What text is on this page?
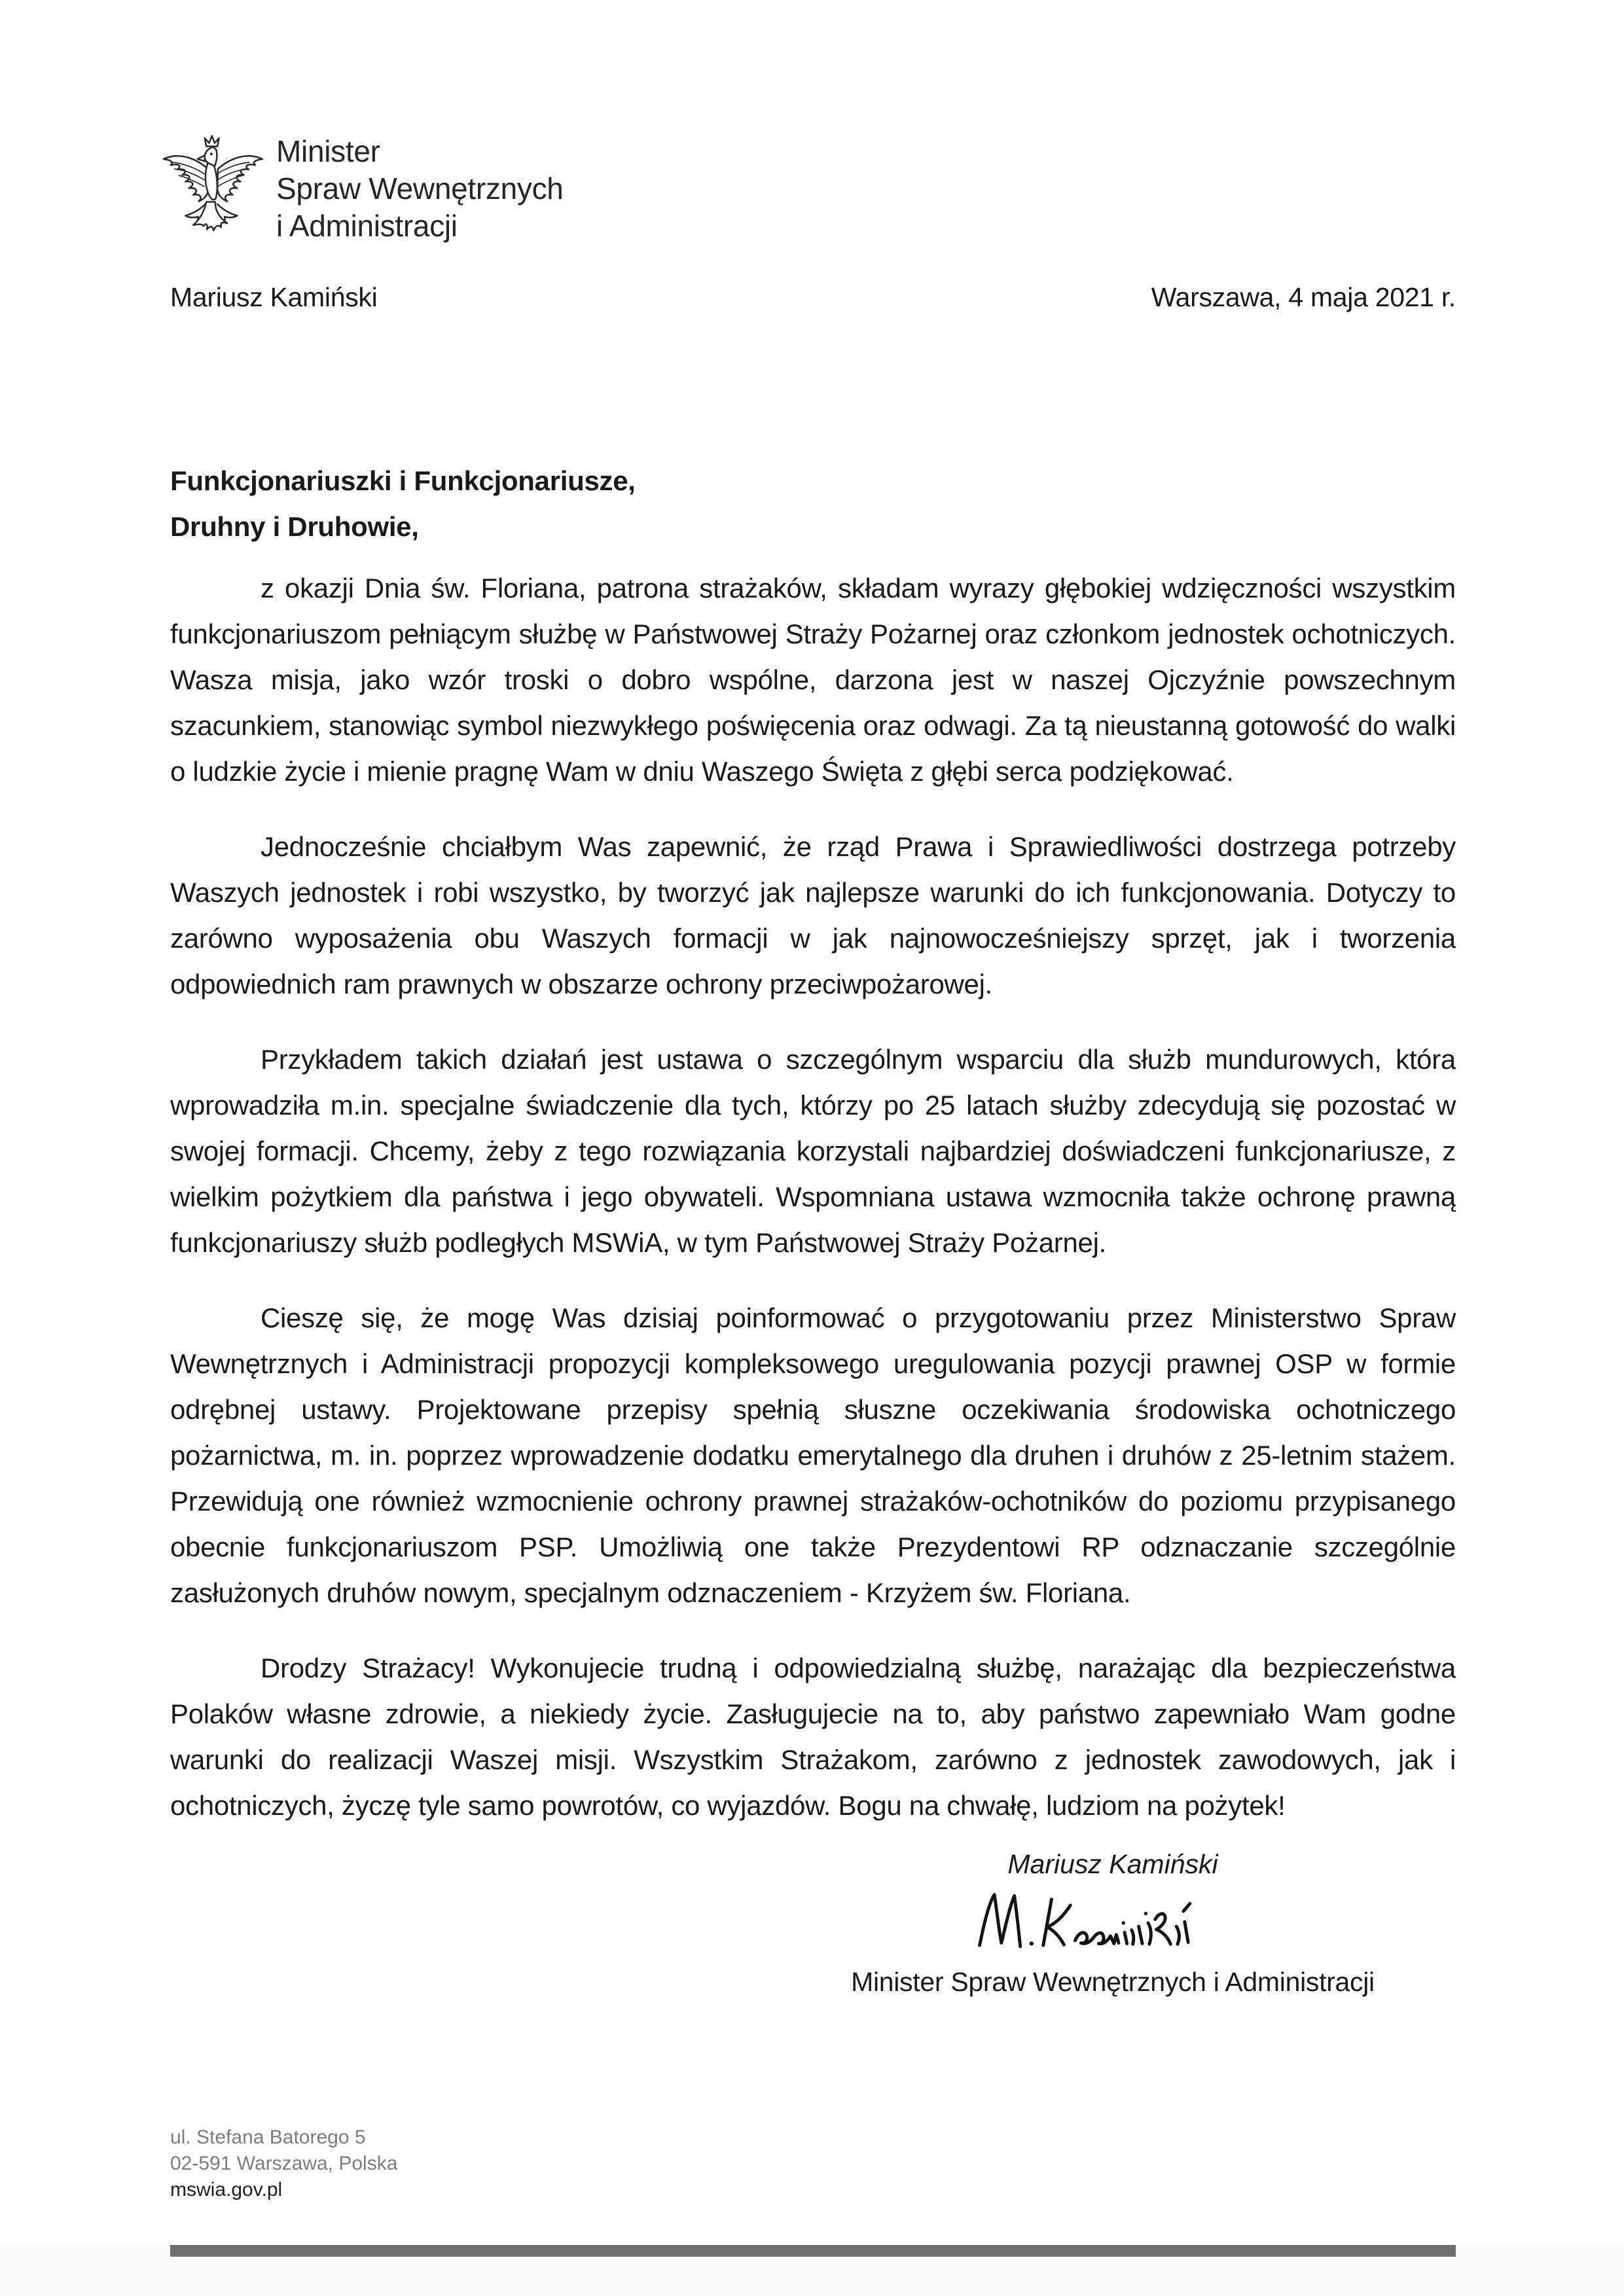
Minister
Spraw Wewnętrznych
i Administracji
Mariusz Kamiński	Warszawa, 4 maja 2021 r.
Funkcjonariuszki i Funkcjonariusze,
Druhny i Druhowie,

z okazji Dnia św. Floriana, patrona strażaków, składam wyrazy głębokiej wdzięczności wszystkim funkcjonariuszom pełniącym służbę w Państwowej Straży Pożarnej oraz członkom jednostek ochotniczych. Wasza misja, jako wzór troski o dobro wspólne, darzona jest w naszej Ojczyźnie powszechnym szacunkiem, stanowiąc symbol niezwykłego poświęcenia oraz odwagi. Za tą nieustanną gotowość do walki o ludzkie życie i mienie pragnę Wam w dniu Waszego Święta z głębi serca podziękować.

Jednocześnie chciałbym Was zapewnić, że rząd Prawa i Sprawiedliwości dostrzega potrzeby Waszych jednostek i robi wszystko, by tworzyć jak najlepsze warunki do ich funkcjonowania. Dotyczy to zarówno wyposażenia obu Waszych formacji w jak najnowocześniejszy sprzęt, jak i tworzenia odpowiednich ram prawnych w obszarze ochrony przeciwpożarowej.

Przykładem takich działań jest ustawa o szczególnym wsparciu dla służb mundurowych, która wprowadziła m.in. specjalne świadczenie dla tych, którzy po 25 latach służby zdecydują się pozostać w swojej formacji. Chcemy, żeby z tego rozwiązania korzystali najbardziej doświadczeni funkcjonariusze, z wielkim pożytkiem dla państwa i jego obywateli. Wspomniana ustawa wzmocniła także ochronę prawną funkcjonariuszy służb podległych MSWiA, w tym Państwowej Straży Pożarnej.

Cieszę się, że mogę Was dzisiaj poinformować o przygotowaniu przez Ministerstwo Spraw Wewnętrznych i Administracji propozycji kompleksowego uregulowania pozycji prawnej OSP w formie odrębnej ustawy. Projektowane przepisy spełnią słuszne oczekiwania środowiska ochotniczego pożarnictwa, m. in. poprzez wprowadzenie dodatku emerytalnego dla druhen i druhów z 25-letnim stażem. Przewidują one również wzmocnienie ochrony prawnej strażaków-ochotników do poziomu przypisanego obecnie funkcjonariuszom PSP. Umożliwią one także Prezydentowi RP odznaczanie szczególnie zasłużonych druhów nowym, specjalnym odznaczeniem - Krzyżem św. Floriana.

Drodzy Strażacy! Wykonujecie trudną i odpowiedzialną służbę, narażając dla bezpieczeństwa Polaków własne zdrowie, a niekiedy życie. Zasługujecie na to, aby państwo zapewniało Wam godne warunki do realizacji Waszej misji. Wszystkim Strażakom, zarówno z jednostek zawodowych, jak i ochotniczych, życzę tyle samo powrotów, co wyjazdów. Bogu na chwałę, ludziom na pożytek!

Mariusz Kamiński
Minister Spraw Wewnętrznych i Administracji
ul. Stefana Batorego 5
02-591 Warszawa, Polska
mswia.gov.pl
